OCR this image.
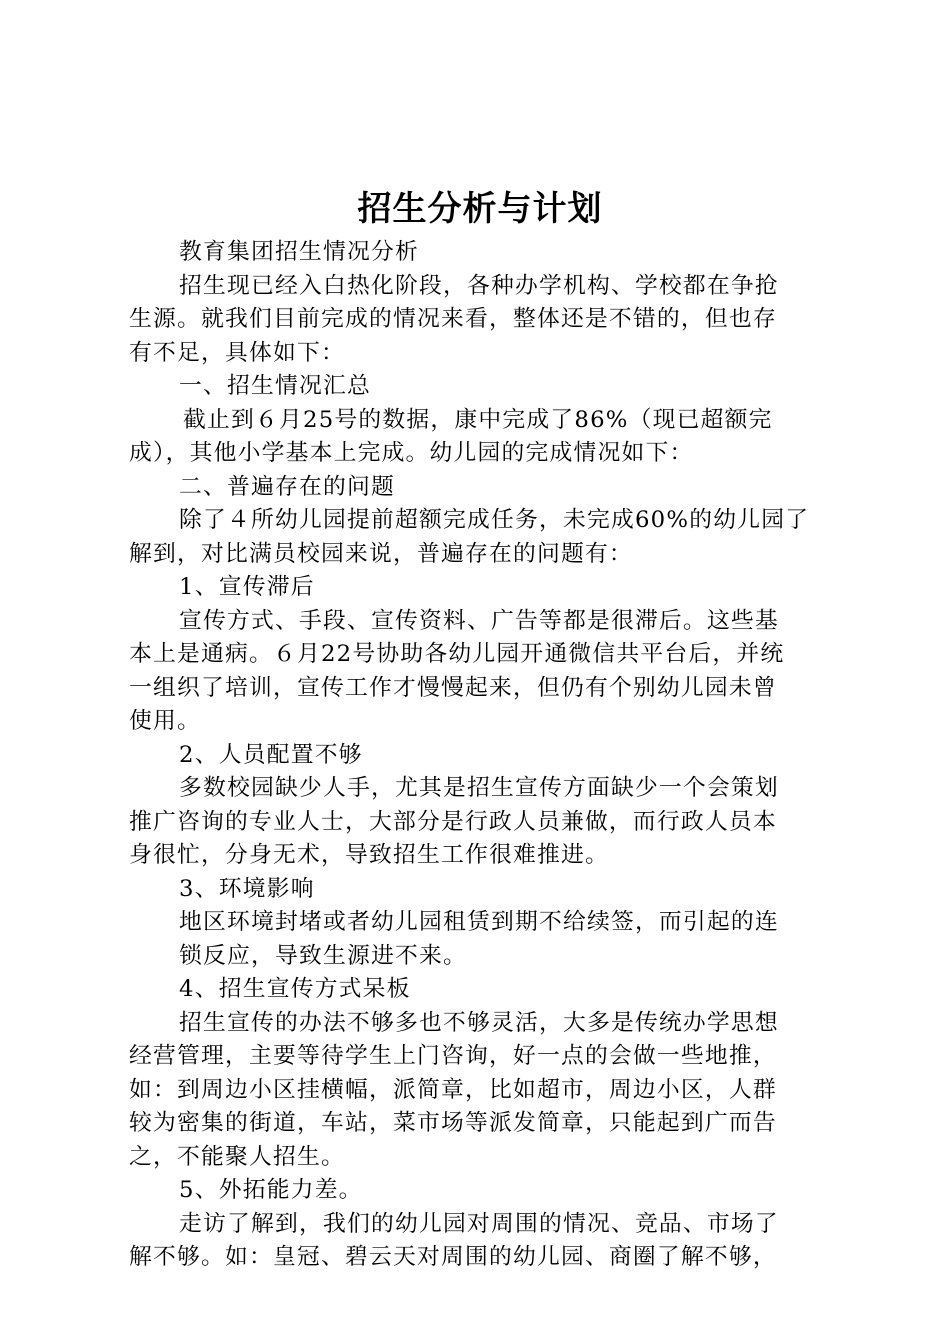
招生分析与计划
教育集团招生情况分析
招生现已经入白热化阶段，各种办学机构、学校都在争抢
生源。就我们目前完成的情况来看，整体还是不错的，但也存
有不足，具体如下：
一、招生情况汇总
截止到６月25号的数据，康中完成了86%（现已超额完
成），其他小学基本上完成。幼儿园的完成情况如下：
二、普遍存在的问题
除了４所幼儿园提前超额完成任务，未完成60%的幼儿园了
解到，对比满员校园来说，普遍存在的问题有：
1、宣传滞后
宣传方式、手段、宣传资料、广告等都是很滞后。这些基
本上是通病。６月22号协助各幼儿园开通微信共平台后，并统
一组织了培训，宣传工作才慢慢起来，但仍有个别幼儿园未曾
使用。
2、人员配置不够
多数校园缺少人手，尤其是招生宣传方面缺少一个会策划
推广咨询的专业人士，大部分是行政人员兼做，而行政人员本
身很忙，分身无术，导致招生工作很难推进。
3、环境影响
地区环境封堵或者幼儿园租赁到期不给续签，而引起的连
锁反应，导致生源进不来。
4、招生宣传方式呆板
招生宣传的办法不够多也不够灵活，大多是传统办学思想
经营管理，主要等待学生上门咨询，好一点的会做一些地推，
如：到周边小区挂横幅，派简章，比如超市，周边小区，人群
较为密集的街道，车站，菜市场等派发简章，只能起到广而告
之，不能聚人招生。
5、外拓能力差。
走访了解到，我们的幼儿园对周围的情况、竞品、市场了
解不够。如：皇冠、碧云天对周围的幼儿园、商圈了解不够，
